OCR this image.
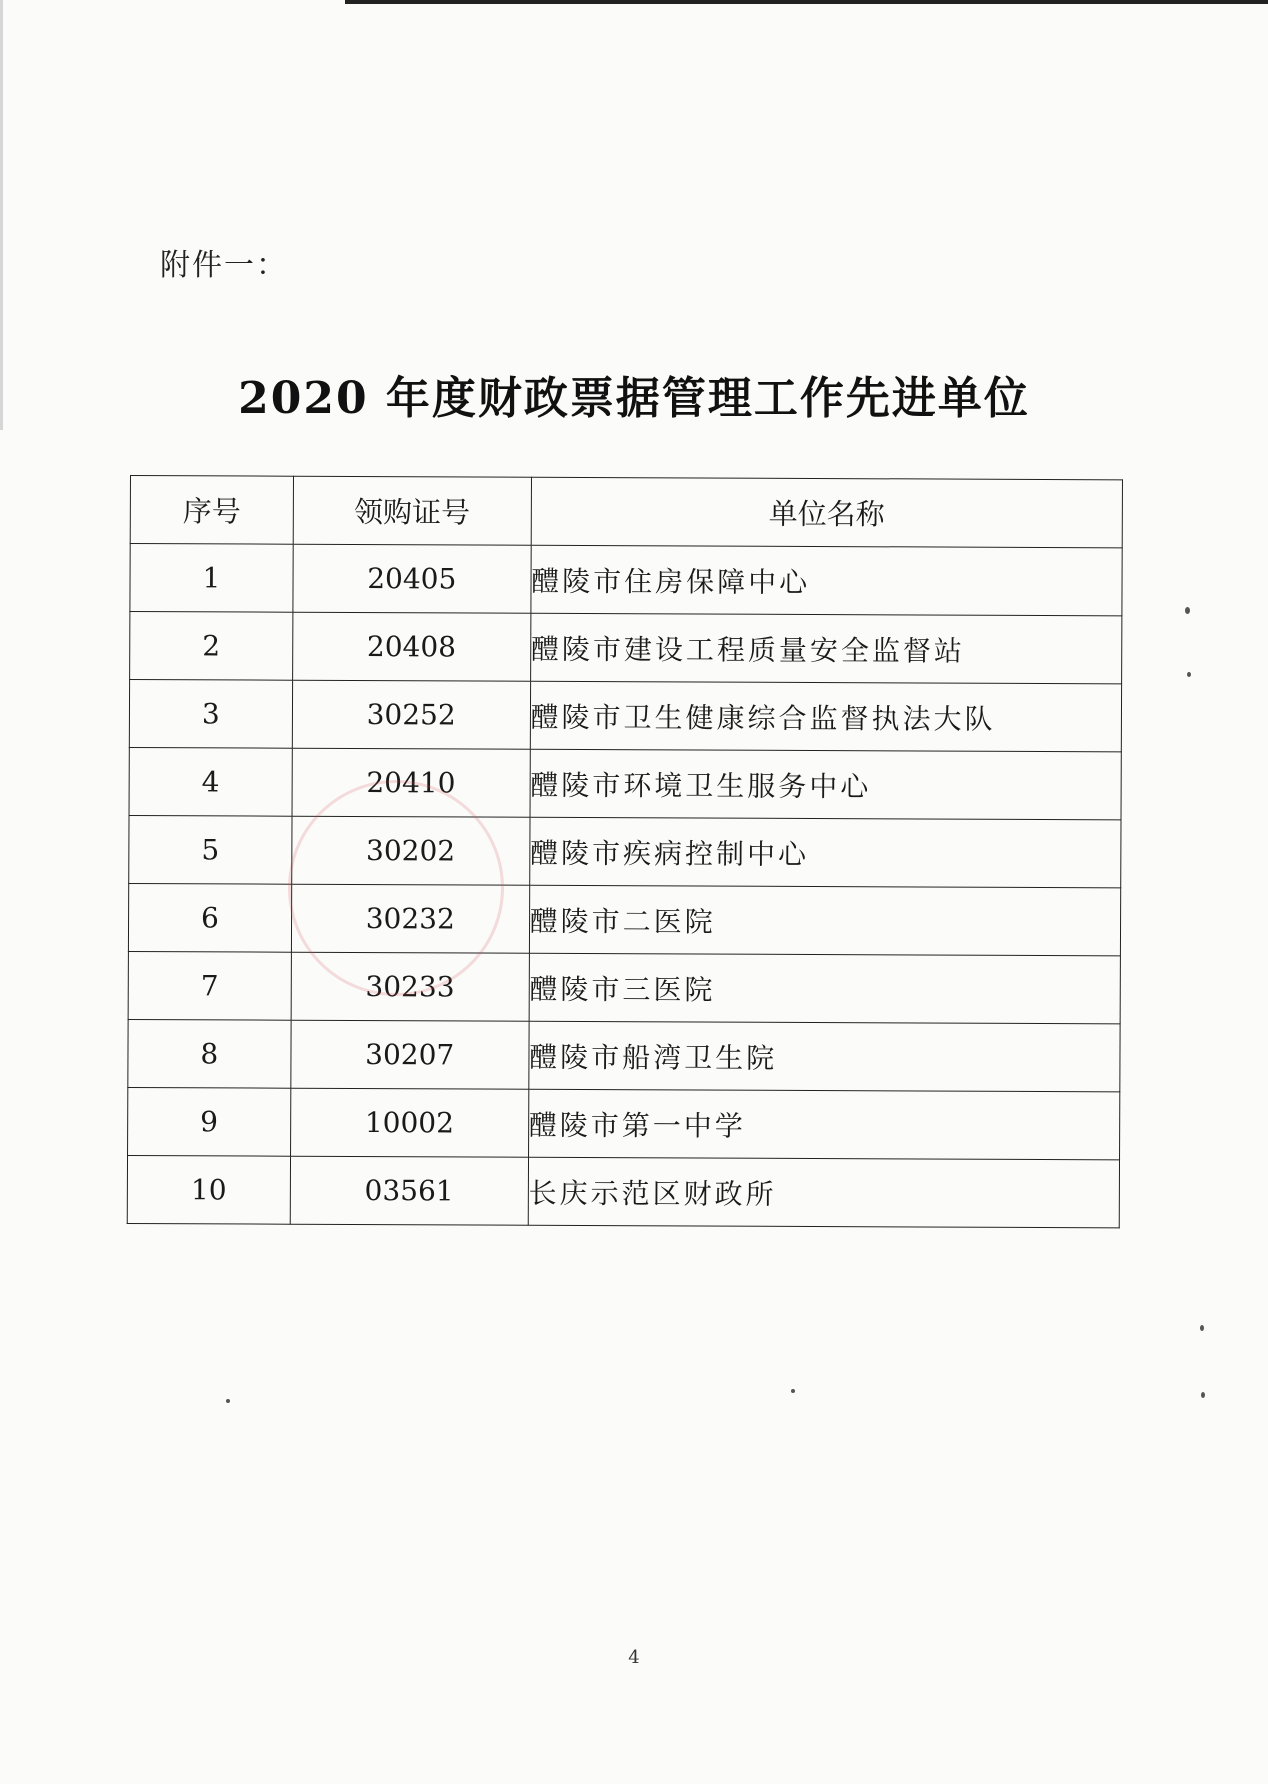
附件一：
2020 年度财政票据管理工作先进单位
序号	领购证号	单位名称
1	20405	醴陵市住房保障中心
2	20408	醴陵市建设工程质量安全监督站
3	30252	醴陵市卫生健康综合监督执法大队
4	20410	醴陵市环境卫生服务中心
5	30202	醴陵市疾病控制中心
6	30232	醴陵市二医院
7	30233	醴陵市三医院
8	30207	醴陵市船湾卫生院
9	10002	醴陵市第一中学
10	03561	长庆示范区财政所
4
